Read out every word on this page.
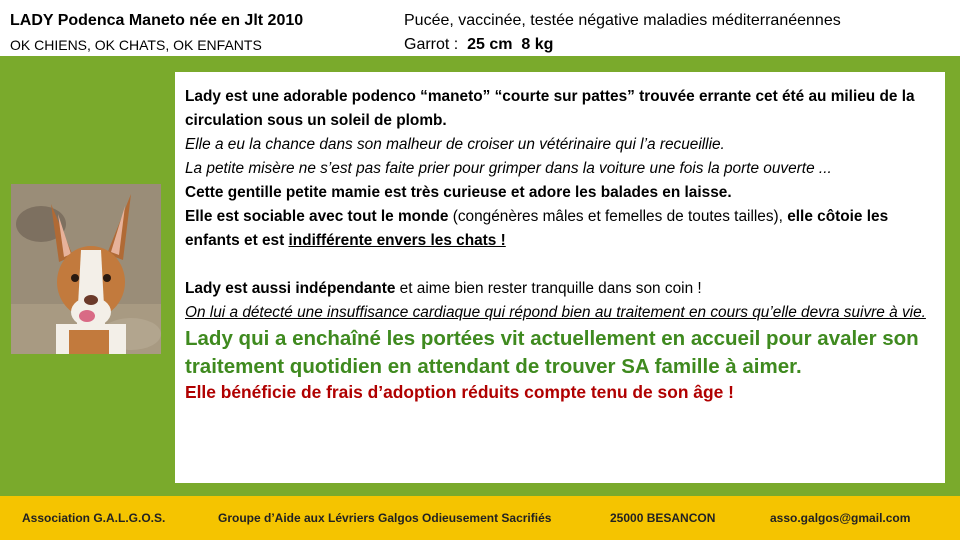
LADY Podenca Maneto née en Jlt 2010
OK CHIENS, OK CHATS, OK ENFANTS
Pucée, vaccinée, testée négative maladies méditerranéennes
Garrot : 25 cm  8 kg

Lady est une adorable podenco “maneto” “courte sur pattes” trouvée errante cet été au milieu de la circulation sous un soleil de plomb.

Elle a eu la chance dans son malheur de croiser un vétérinaire qui l’a recueillie.

La petite misère ne s’est pas faite prier pour grimper dans la voiture une fois la porte ouverte ...

Cette gentille petite mamie est très curieuse et adore les balades en laisse.

Elle est sociable avec tout le monde (congénères mâles et femelles de toutes tailles), elle côtoie les enfants et est indifférente envers les chats !

Lady est aussi indépendante et aime bien rester tranquille dans son coin !

On lui a détecté une insuffisance cardiaque qui répond bien au traitement en cours qu’elle devra suivre à vie.

Lady qui a enchaîné les portées vit actuellement en accueil pour avaler son traitement quotidien en attendant de trouver SA famille à aimer.

Elle bénéficie de frais d’adoption réduits compte tenu de son âge !

Association G.A.L.G.O.S.	Groupe d’Aide aux Lévriers Galgos Odieusement Sacrifiés	25000 BESANCON	asso.galgos@gmail.com
